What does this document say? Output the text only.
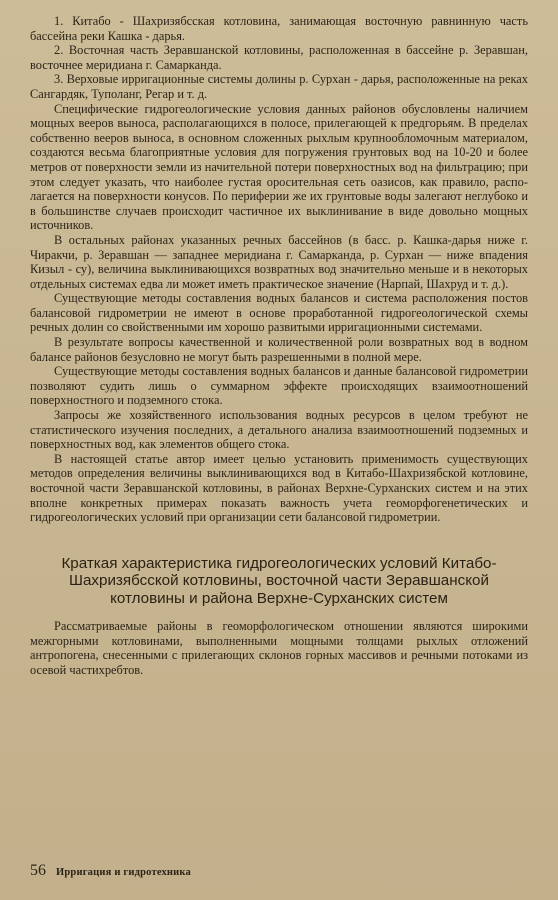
1. Китабо - Шахризябсская котловина, занимающая восточную равнинную часть бассейна реки Кашка - дарья.

2. Восточная часть Зеравшанской котловины, расположенная в бассейне р. Зеравшан, восточнее меридиана г. Самарканда.

3. Верховые ирригационные системы долины р. Сурхан - дарья, расположенные на реках Сангардяк, Туполанг, Регар и т. д.

Специфические гидрогеологические условия данных районов обусловлены наличием мощных вееров выноса, располагающихся в полосе, прилегающей к предгорьям. В пределах собственно вееров выноса, в основном сложенных рыхлым крупнообломочным материалом, создаются весьма благоприятные условия для погружения грунтовых вод на 10-20 и более метров от поверхности земли из начительной потери поверхностных вод на фильтрацию; при этом следует указать, что наиболее густая оросительная сеть оазисов, как правило, располагается на поверхности конусов. По периферии же их грунтовые воды залегают неглубоко и в большинстве случаев происходит частичное их выклинивание в виде довольно мощных источников.

В остальных районах указанных речных бассейнов (в басс. р. Кашка-дарья ниже г. Чиракчи, р. Зеравшан — западнее меридиана г. Самарканда, р. Сурхан — ниже впадения Кизыл - су), величина выклинивающихся возвратных вод значительно меньше и в некоторых отдельных системах едва ли может иметь практическое значение (Нарпай, Шахруд и т. д.).

Существующие методы составления водных балансов и система расположения постов балансовой гидрометрии не имеют в основе проработанной гидрогеологической схемы речных долин со свойственными им хорошо развитыми ирригационными системами.

В результате вопросы качественной и количественной роли возвратных вод в водном балансе районов безусловно не могут быть разрешенными в полной мере.

Существующие методы составления водных балансов и данные балансовой гидрометрии позволяют судить лишь о суммарном эффекте происходящих взаимоотношений поверхностного и подземного стока.

Запросы же хозяйственного использования водных ресурсов в целом требуют не статистического изучения последних, а детального анализа взаимоотношений подземных и поверхностных вод, как элементов общего стока.

В настоящей статье автор имеет целью установить применимость существующих методов определения величины выклинивающихся вод в Китабо-Шахризябской котловине, восточной части Зеравшанской котловины, в районах Верхне-Сурханских систем и на этих вполне конкретных примерах показать важность учета геоморфогенетических и гидрогеологических условий при организации сети балансовой гидрометрии.

Краткая характеристика гидрогеологических условий Китабо-Шахризябсской котловины, восточной части Зеравшанской котловины и района Верхне-Сурханских систем

Рассматриваемые районы в геоморфологическом отношении являются широкими межгорными котловинами, выполненными мощными толщами рыхлых отложений антропогена, снесенными с прилегающих склонов горных массивов и речными потоками из осевой частихребтов.

56 Ирригация и гидротехника
